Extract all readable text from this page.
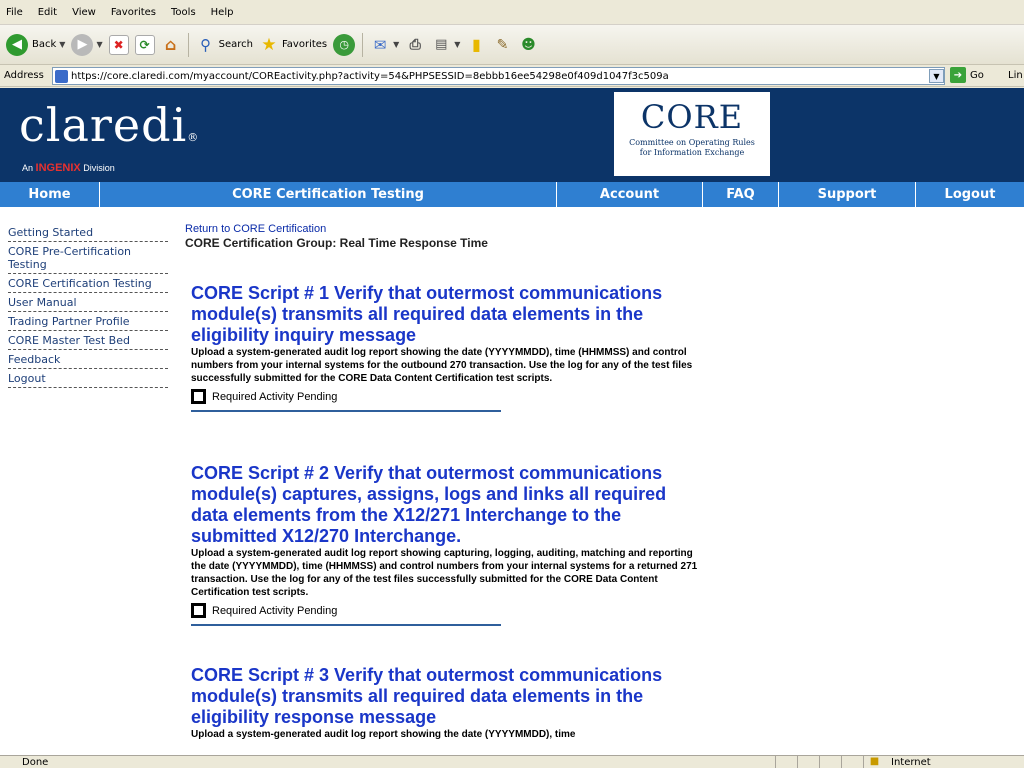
File Edit View Favorites Tools Help
◀	Back ▼ ▶	▼ ✖	⟳ ⌂	⚲ Search ★ Favorites	◷	✉ ▼ ⎙	▤ ▼ ▮	✎ ☻
Address	https://core.claredi.com/myaccount/COREactivity.php?activity=54&PHPSESSID=8ebbb16ee54298e0f409d1047f3c509a	▼	➔ Go Lin
claredi®
An INGENIX Division
CORE
Committee on Operating Rules
for Information Exchange
Home	CORE Certification Testing	Account	FAQ	Support	Logout
Getting Started
CORE Pre-Certification Testing
CORE Certification Testing
User Manual
Trading Partner Profile
CORE Master Test Bed
Feedback
Logout
Return to CORE Certification
CORE Certification Group: Real Time Response Time
CORE Script # 1 Verify that outermost communications module(s) transmits all required data elements in the eligibility inquiry message
Upload a system-generated audit log report showing the date (YYYYMMDD), time (HHMMSS) and control numbers from your internal systems for the outbound 270 transaction. Use the log for any of the test files successfully submitted for the CORE Data Content Certification test scripts.
Required Activity Pending
CORE Script # 2 Verify that outermost communications module(s) captures, assigns, logs and links all required data elements from the X12/271 Interchange to the submitted X12/270 Interchange.
Upload a system-generated audit log report showing capturing, logging, auditing, matching and reporting the date (YYYYMMDD), time (HHMMSS) and control numbers from your internal systems for a returned 271 transaction. Use the log for any of the test files successfully submitted for the CORE Data Content Certification test scripts.
Required Activity Pending
CORE Script # 3 Verify that outermost communications module(s) transmits all required data elements in the eligibility response message
Upload a system-generated audit log report showing the date (YYYYMMDD), time
Done	■	Internet
